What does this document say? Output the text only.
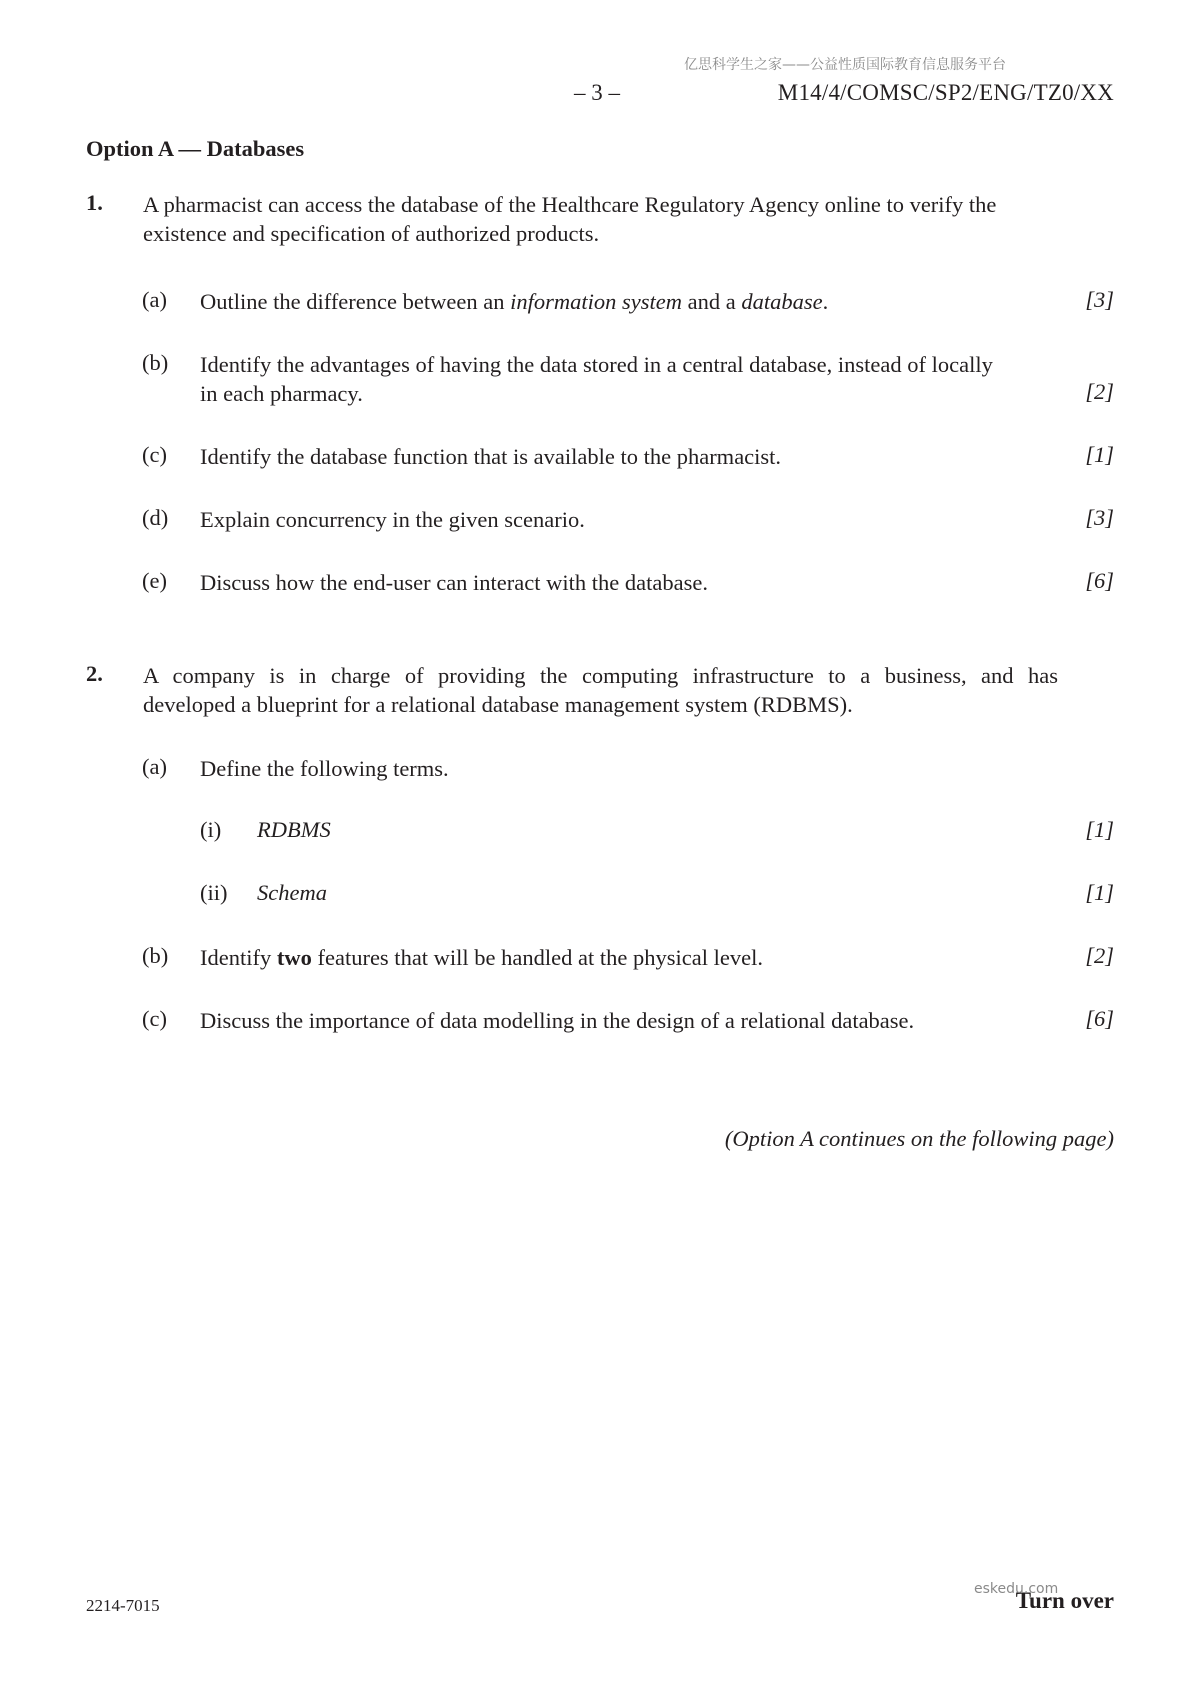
亿思科学生之家——公益性质国际教育信息服务平台
– 3 –	M14/4/COMSC/SP2/ENG/TZ0/XX
Option A — Databases
1. A pharmacist can access the database of the Healthcare Regulatory Agency online to verify the
existence and specification of authorized products.
(a) Outline the difference between an information system and a database.	[3]
(b) Identify the advantages of having the data stored in a central database, instead of locally
in each pharmacy.	[2]
(c) Identify the database function that is available to the pharmacist.	[1]
(d) Explain concurrency in the given scenario.	[3]
(e) Discuss how the end-user can interact with the database.	[6]
2. A company is in charge of providing the computing infrastructure to a business, and has
developed a blueprint for a relational database management system (RDBMS).
(a) Define the following terms.
(i) RDBMS	[1]
(ii) Schema	[1]
(b) Identify two features that will be handled at the physical level.	[2]
(c) Discuss the importance of data modelling in the design of a relational database.	[6]
(Option A continues on the following page)
2214-7015	Turn over
eskedu.com
